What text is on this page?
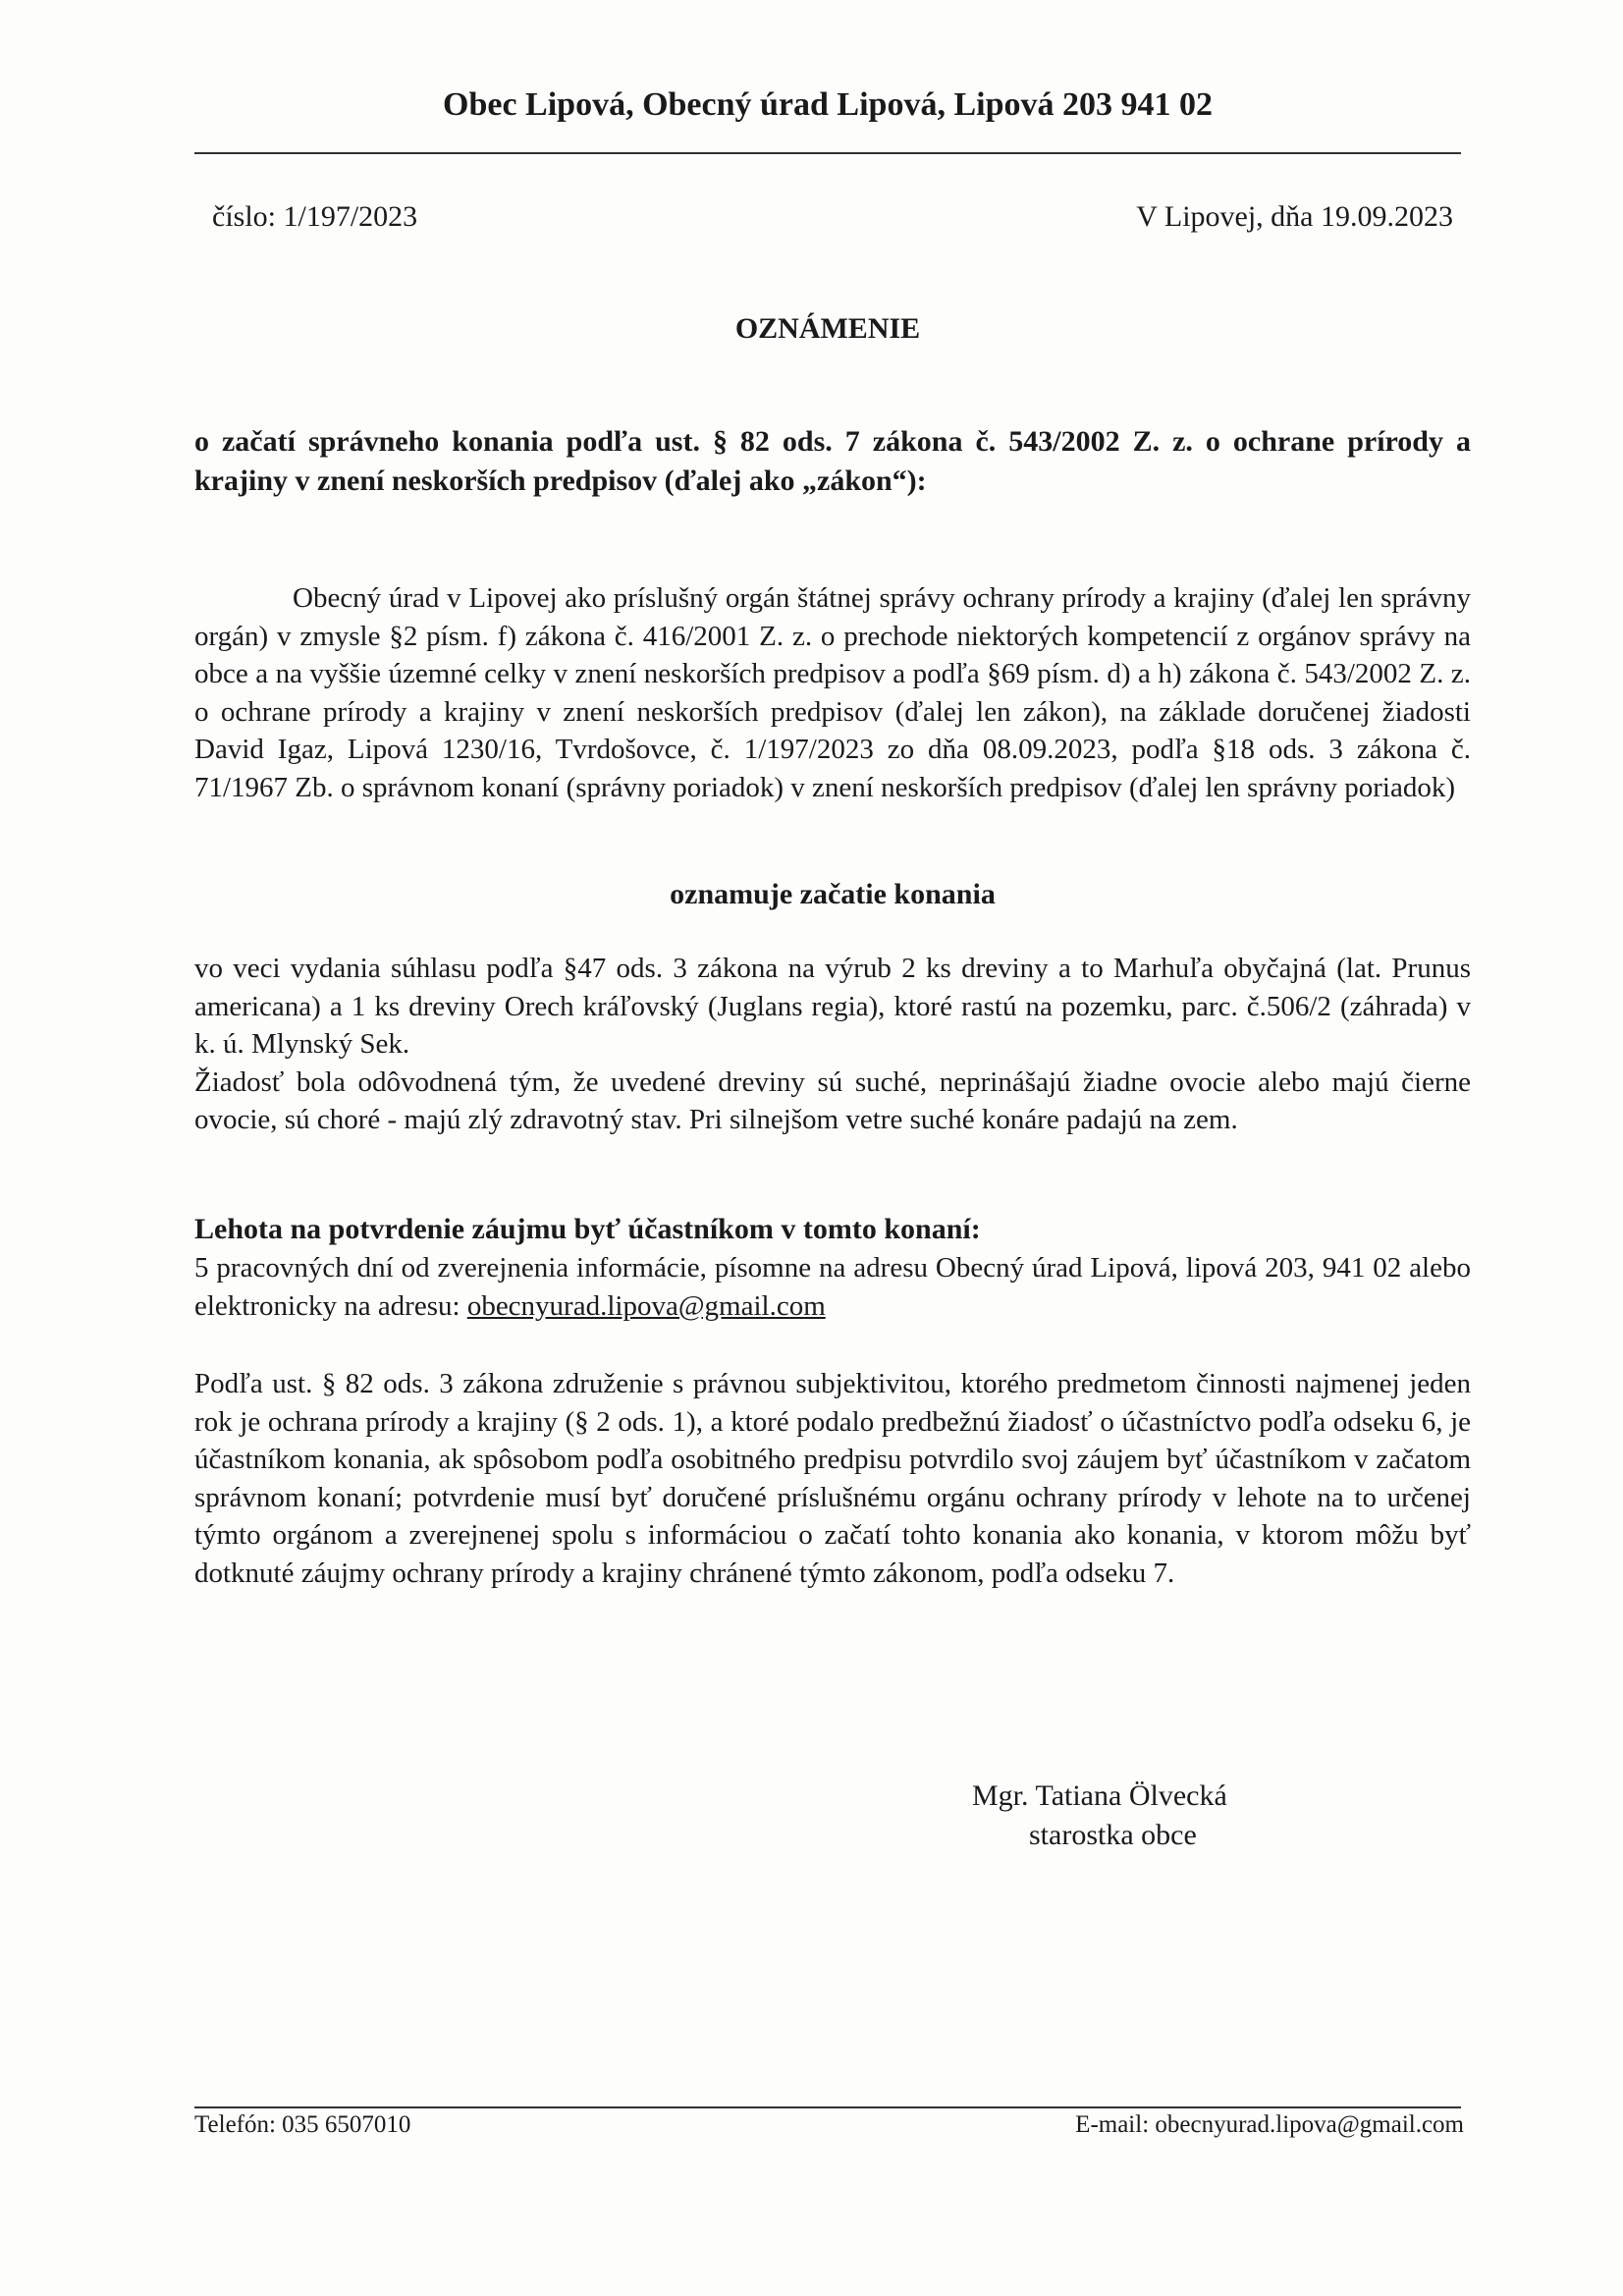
Obec Lipová, Obecný úrad Lipová, Lipová 203 941 02
číslo: 1/197/2023	V Lipovej, dňa 19.09.2023
OZNÁMENIE
o začatí správneho konania podľa ust. § 82 ods. 7 zákona č. 543/2002 Z. z. o ochrane prírody a krajiny v znení neskorších predpisov (ďalej ako „zákon“):

Obecný úrad v Lipovej ako príslušný orgán štátnej správy ochrany prírody a krajiny (ďalej len správny orgán) v zmysle §2 písm. f) zákona č. 416/2001 Z. z. o prechode niektorých kompetencií z orgánov správy na obce a na vyššie územné celky v znení neskorších predpisov a podľa §69 písm. d) a h) zákona č. 543/2002 Z. z. o ochrane prírody a krajiny v znení neskorších predpisov (ďalej len zákon), na základe doručenej žiadosti David Igaz, Lipová 1230/16, Tvrdošovce, č. 1/197/2023 zo dňa 08.09.2023, podľa §18 ods. 3 zákona č. 71/1967 Zb. o správnom konaní (správny poriadok) v znení neskorších predpisov (ďalej len správny poriadok)

oznamuje začatie konania
vo veci vydania súhlasu podľa §47 ods. 3 zákona na výrub 2 ks dreviny a to Marhuľa obyčajná (lat. Prunus americana) a 1 ks dreviny Orech kráľovský (Juglans regia), ktoré rastú na pozemku, parc. č.506/2 (záhrada) v k. ú. Mlynský Sek.
Žiadosť bola odôvodnená tým, že uvedené dreviny sú suché, neprinášajú žiadne ovocie alebo majú čierne ovocie, sú choré - majú zlý zdravotný stav. Pri silnejšom vetre suché konáre padajú na zem.
Lehota na potvrdenie záujmu byť účastníkom v tomto konaní:
5 pracovných dní od zverejnenia informácie, písomne na adresu Obecný úrad Lipová, lipová 203, 941 02 alebo elektronicky na adresu: obecnyurad.lipova@gmail.com

Podľa ust. § 82 ods. 3 zákona združenie s právnou subjektivitou, ktorého predmetom činnosti najmenej jeden rok je ochrana prírody a krajiny (§ 2 ods. 1), a ktoré podalo predbežnú žiadosť o účastníctvo podľa odseku 6, je účastníkom konania, ak spôsobom podľa osobitného predpisu potvrdilo svoj záujem byť účastníkom v začatom správnom konaní; potvrdenie musí byť doručené príslušnému orgánu ochrany prírody v lehote na to určenej týmto orgánom a zverejnenej spolu s informáciou o začatí tohto konania ako konania, v ktorom môžu byť dotknuté záujmy ochrany prírody a krajiny chránené týmto zákonom, podľa odseku 7.

Mgr. Tatiana Ölvecká
starostka obce
Telefón: 035 6507010	E-mail: obecnyurad.lipova@gmail.com
